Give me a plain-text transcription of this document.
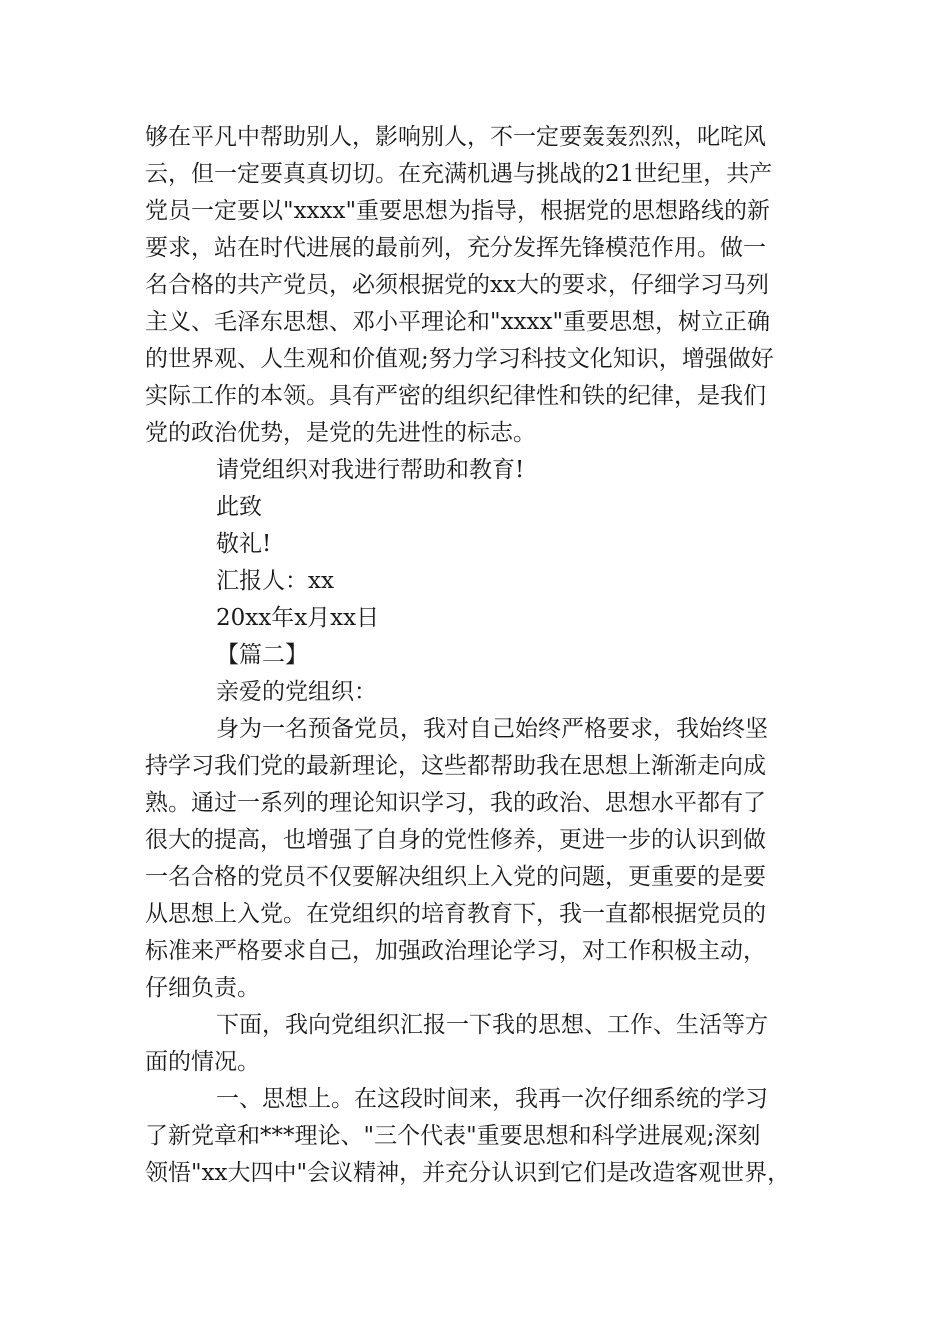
够在平凡中帮助别人，影响别人，不一定要轰轰烈烈，叱咤风
云，但一定要真真切切。在充满机遇与挑战的21世纪里，共产
党员一定要以"xxxx"重要思想为指导，根据党的思想路线的新
要求，站在时代进展的最前列，充分发挥先锋模范作用。做一
名合格的共产党员，必须根据党的xx大的要求，仔细学习马列
主义、毛泽东思想、邓小平理论和"xxxx"重要思想，树立正确
的世界观、人生观和价值观;努力学习科技文化知识，增强做好
实际工作的本领。具有严密的组织纪律性和铁的纪律，是我们
党的政治优势，是党的先进性的标志。
请党组织对我进行帮助和教育!
此致
敬礼!
汇报人：xx
20xx年x月xx日
【篇二】
亲爱的党组织：
身为一名预备党员，我对自己始终严格要求，我始终坚
持学习我们党的最新理论，这些都帮助我在思想上渐渐走向成
熟。通过一系列的理论知识学习，我的政治、思想水平都有了
很大的提高，也增强了自身的党性修养，更进一步的认识到做
一名合格的党员不仅要解决组织上入党的问题，更重要的是要
从思想上入党。在党组织的培育教育下，我一直都根据党员的
标准来严格要求自己，加强政治理论学习，对工作积极主动，
仔细负责。
下面，我向党组织汇报一下我的思想、工作、生活等方
面的情况。
一、思想上。在这段时间来，我再一次仔细系统的学习
了新党章和***理论、"三个代表"重要思想和科学进展观;深刻
领悟"xx大四中"会议精神，并充分认识到它们是改造客观世界，
